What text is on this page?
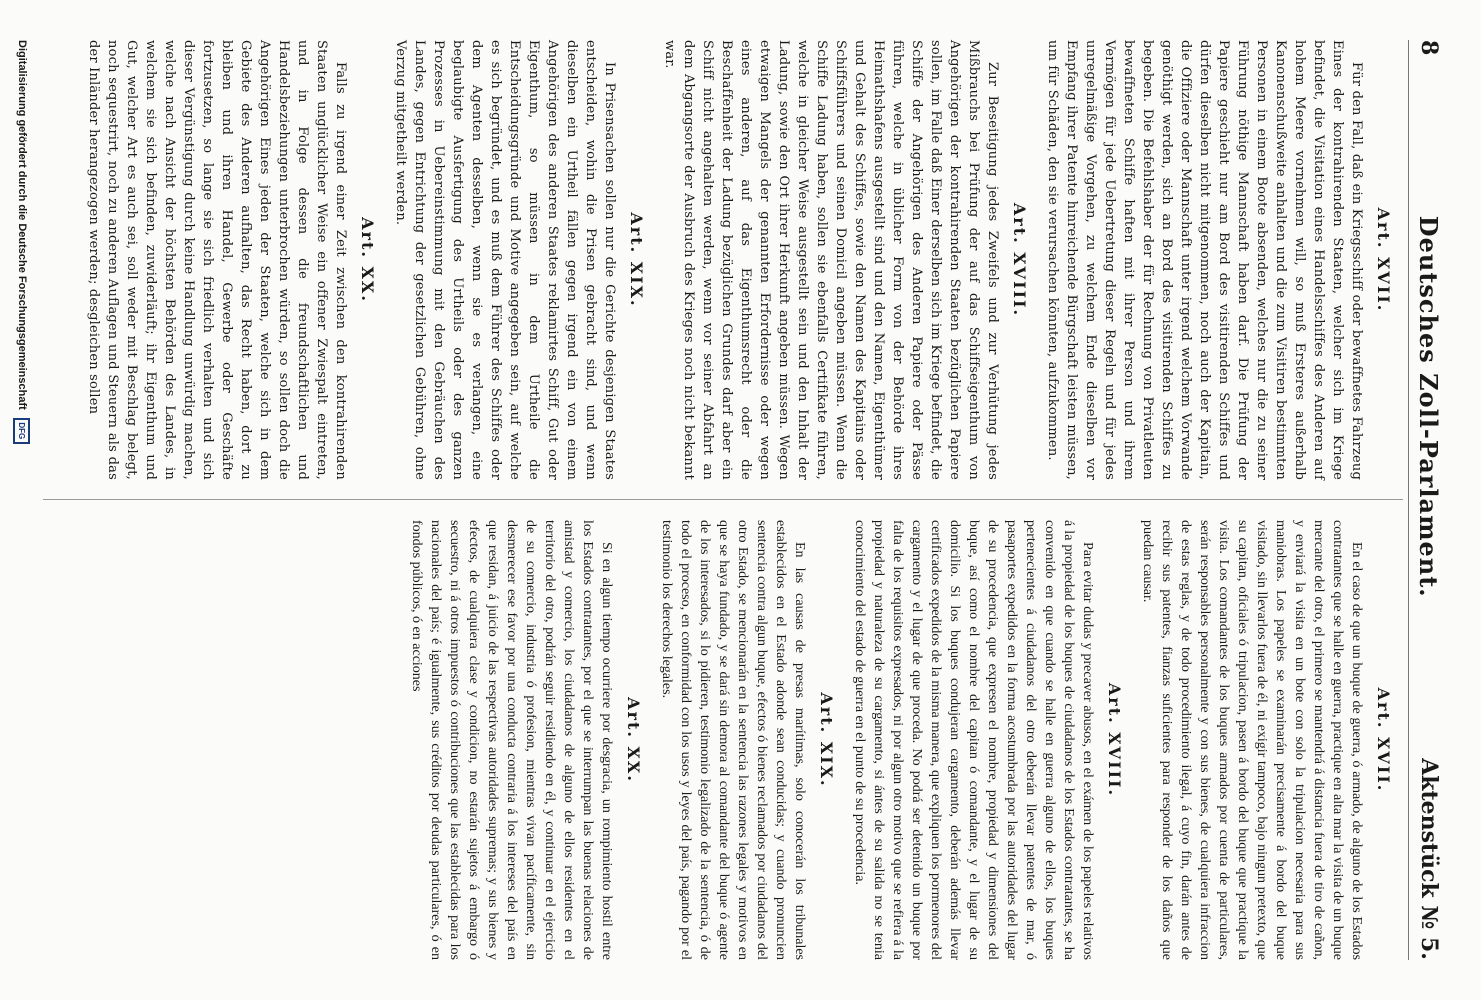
8
Deutsches Zoll-Parlament.
Aktenstück № 5.
Art. XVII.

Für den Fall, daß ein Kriegsschiff oder bewaffnetes Fahrzeug Eines der kontrahirenden Staaten, welcher sich im Kriege befindet, die Visitation eines Handelsschiffes des Anderen auf hohem Meere vornehmen will, so muß Ersteres außerhalb Kanonenschußweite anhalten und die zum Visitiren bestimmten Personen in einem Boote absenden, welches nur die zu seiner Führung nöthige Mannschaft haben darf. Die Prüfung der Papiere geschieht nur am Bord des visitirenden Schiffes und dürfen dieselben nicht mitgenommen, noch auch der Kapitain, die Offiziere oder Mannschaft unter irgend welchem Vorwande genöthigt werden, sich an Bord des visitirenden Schiffes zu begeben. Die Befehlshaber der für Rechnung von Privatleuten bewaffneten Schiffe haften mit ihrer Person und ihrem Vermögen für jede Uebertretung dieser Regeln und für jedes unregelmäßige Vorgehen, zu welchem Ende dieselben vor Empfang ihrer Patente hinreichende Bürgschaft leisten müssen, um für Schäden, den sie verursachen könnten, aufzukommen.

Art. XVIII.

Zur Beseitigung jedes Zweifels und zur Verhütung jedes Mißbrauchs bei Prüfung der auf das Schiffseigenthum von Angehörigen der kontrahirenden Staaten bezüglichen Papiere sollen, im Falle daß Einer derselben sich im Kriege befindet, die Schiffe der Angehörigen des Anderen Papiere oder Pässe führen, welche in üblicher Form von der Behörde ihres Heimathshafens ausgestellt sind und den Namen, Eigenthümer und Gehalt des Schiffes, sowie den Namen des Kapitains oder Schiffsführers und seinen Domicil angeben müssen. Wenn die Schiffe Ladung haben, sollen sie ebenfalls Certifikate führen, welche in gleicher Weise ausgestellt sein und den Inhalt der Ladung, sowie den Ort ihrer Herkunft angeben müssen. Wegen etwaigen Mangels der genannten Erfordernisse oder wegen eines anderen, auf das Eigenthumsrecht oder die Beschaffenheit der Ladung bezüglichen Grundes darf aber ein Schiff nicht angehalten werden, wenn vor seiner Abfahrt an dem Abgangsorte der Ausbruch des Krieges noch nicht bekannt war.

Art. XIX.

In Prisensachen sollen nur die Gerichte desjenigen Staates entscheiden, wohin die Prisen gebracht sind, und wenn dieselben ein Urtheil fällen gegen irgend ein von einem Angehörigen des anderen Staates reklamirtes Schiff, Gut oder Eigenthum, so müssen in dem Urtheile die Entscheidungsgründe und Motive angegeben sein, auf welche es sich begründet, und es muß dem Führer des Schiffes oder dem Agenten desselben, wenn sie es verlangen, eine beglaubigte Ausfertigung des Urtheils oder des ganzen Prozesses in Uebereinstimmung mit den Gebräuchen des Landes, gegen Entrichtung der gesetzlichen Gebühren, ohne Verzug mitgetheilt werden.

Art. XX.

Falls zu irgend einer Zeit zwischen den kontrahirenden Staaten unglücklicher Weise ein offener Zwiespalt eintreten, und in Folge dessen die freundschaftlichen und Handelsbeziehungen unterbrochen würden, so sollen doch die Angehörigen Eines jeden der Staaten, welche sich in dem Gebiete des Anderen aufhalten, das Recht haben, dort zu bleiben und ihren Handel, Gewerbe oder Geschäfte fortzusetzen, so lange sie sich friedlich verhalten und sich dieser Vergünstigung durch keine Handlung unwürdig machen, welche nach Ansicht der höchsten Behörden des Landes, in welchem sie sich befinden, zuwiderläuft; ihr Eigenthum und Gut, welcher Art es auch sei, soll weder mit Beschlag belegt, noch sequestrirt, noch zu anderen Auflagen und Steuern als das der Inländer herangezogen werden; desgleichen sollen

Art. XVII.

En el caso de que un buque de guerra, ó armado, de alguno de los Estados contratantes que se halle en guerra, practique en alta mar la visita de un buque mercante del otro, el primero se mantendrá á distancia fuera de tiro de cañon, y enviará la visita en un bote con solo la tripulacion necesaria para sus maniobras. Los papeles se examinarán precisamente á bordo del buque visitado, sin llevarlos fuera de él, ni exigir tampoco, bajo ningun pretexto, que su capitan, oficiales ó tripulacion, pasen á bordo del buque que practique la visita. Los comandantes de los buques armados por cuenta de particulares, serán responsables personalmente y con sus bienes, de cualquiera infraccion de estas reglas, y de todo procedimiento ilegal, á cuyo fin, darán antes de recibir sus patentes, fianzas suficientes para responder de los daños que puedan causar.

Art. XVIII.

Para evitar dudas y precaver abusos, en el exámen de los papeles relativos á la propiedad de los buques de ciudadanos de los Estados contratantes, se ha convenido en que cuando se halle en guerra alguno de ellos, los buques pertenecientes á ciudadanos del otro deberán llevar patentes de mar, ó pasaportes expedidos en la forma acostumbrada por las autoridades del lugar de su procedencia, que expresen el nombre, propiedad y dimensiones del buque, así como el nombre del capitan ó comandante, y el lugar de su domicilio. Si los buques condujeran cargamento, deberán además llevar certificados expedidos de la misma manera, que expliquen los pormenores del cargamento y el lugar de que proceda. No podrá ser detenido un buque por falta de los requisitos expresados, ni por algun otro motivo que se refiera á la propiedad y naturaleza de su cargamento, si ántes de su salida no se tenia conocimiento del estado de guerra en el punto de su procedencia.

Art. XIX.

En las causas de presas marítimas, solo conocerán los tribunales establecidos en el Estado adonde sean conducidas; y cuando pronuncien sentencia contra algun buque, efectos ó bienes reclamados por ciudadanos del otro Estado, se mencionarán en la sentencia las razones legales y motivos en que se haya fundado, y se dará sin demora al comandante del buque ó agente de los interesados, si lo pidieren, testimonio legalizado de la sentencia, ó de todo el proceso, en conformidad con los usos y leyes del país, pagando por el testimonio los derechos legales.

Art. XX.

Si en algun tiempo ocurriere por desgracia, un rompimiento hostil entre los Estados contratantes, por el que se interrumpan las buenas relaciones de amistad y comercio, los ciudadanos de alguno de ellos residentes en el territorio del otro, podrán seguir residiendo en él, y continuar en el ejercicio de su comercio, industria ó profesion, mientras vivan pacíficamente, sin desmerecer ese favor por una conducta contraria á los intereses del país en que residan, á juicio de las respectivas autoridades supremas; y sus bienes y efectos, de cualquiera clase y condicion, no estarán sujetos á embargo ó secuestro, ni á otros impuestos ó contribuciones que las establecidas para los nacionales del país; é igualmente, sus créditos por deudas particulares, ó en fondos públicos, ó en acciones

Digitalisierung gefördert durch die Deutsche Forschungsgemeinschaft
DFG
